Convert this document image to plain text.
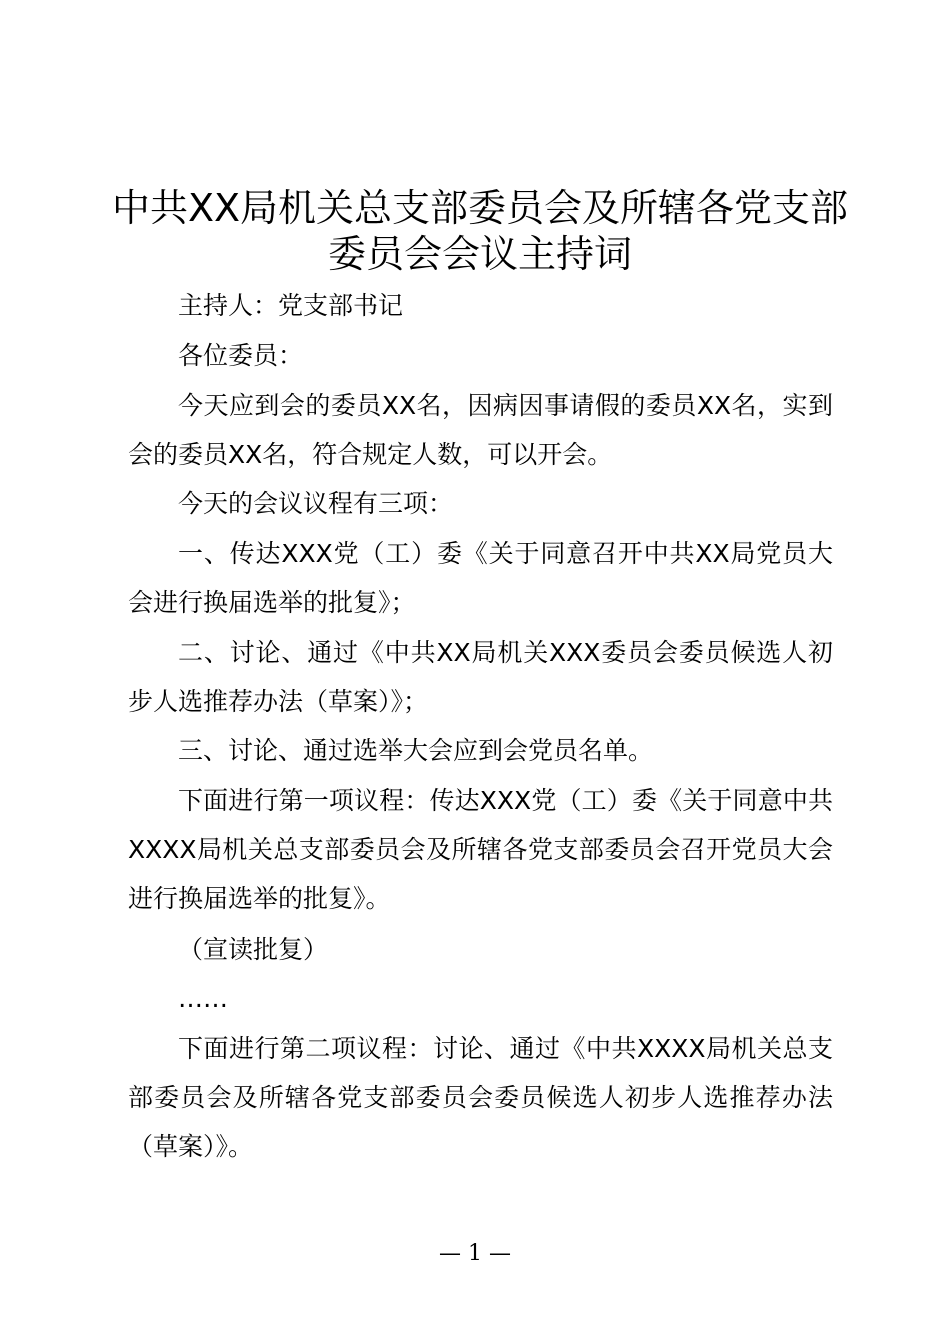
中共XX局机关总支部委员会及所辖各党支部
委员会会议主持词

主持人：党支部书记

各位委员：

今天应到会的委员XX名，因病因事请假的委员XX名，实到会的委员XX名，符合规定人数，可以开会。

今天的会议议程有三项：

一、传达XXX党（工）委《关于同意召开中共XX局党员大会进行换届选举的批复》；

二、讨论、通过《中共XX局机关XXX委员会委员候选人初步人选推荐办法（草案）》；

三、讨论、通过选举大会应到会党员名单。

下面进行第一项议程：传达XXX党（工）委《关于同意中共XXXX局机关总支部委员会及所辖各党支部委员会召开党员大会进行换届选举的批复》。

（宣读批复）

……

下面进行第二项议程：讨论、通过《中共XXXX局机关总支部委员会及所辖各党支部委员会委员候选人初步人选推荐办法（草案）》。

— 1 —
